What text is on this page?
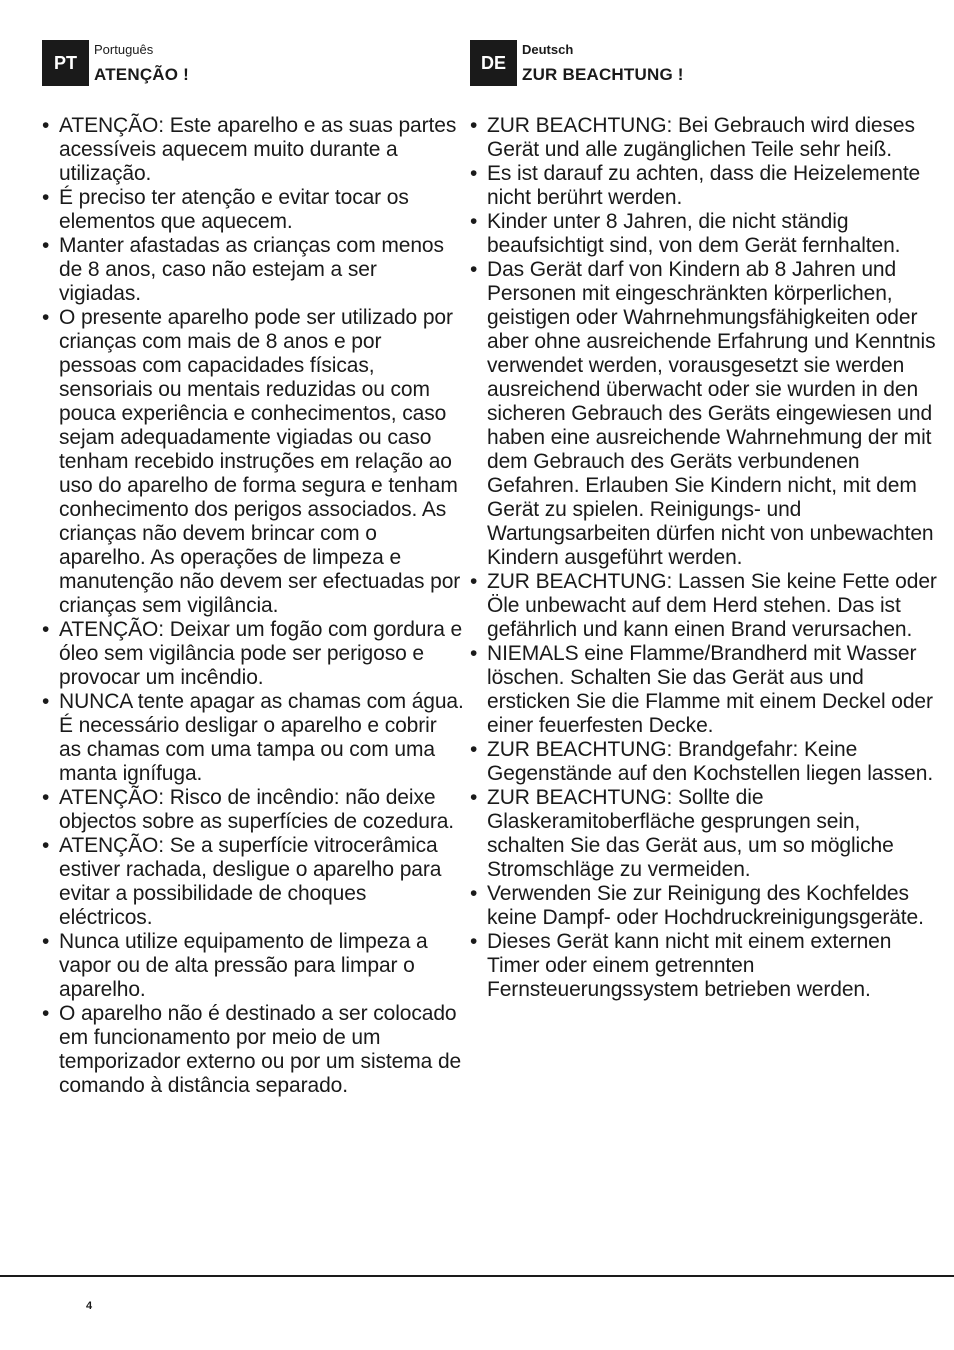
PT
Português
ATENÇÃO !
• ATENÇÃO: Este aparelho e as suas partes acessíveis aquecem muito durante a utilização.
• É preciso ter atenção e evitar tocar os elementos que aquecem.
• Manter afastadas as crianças com menos de 8 anos, caso não estejam a ser vigiadas.
• O presente aparelho pode ser utilizado por crianças com mais de 8 anos e por pessoas com capacidades físicas, sensoriais ou mentais reduzidas ou com pouca experiência e conhecimentos, caso sejam adequadamente vigiadas ou caso tenham recebido instruções em relação ao uso do aparelho de forma segura e tenham conhecimento dos perigos associados. As crianças não devem brincar com o aparelho. As operações de limpeza e manutenção não devem ser efectuadas por crianças sem vigilância.
• ATENÇÃO: Deixar um fogão com gordura e óleo sem vigilância pode ser perigoso e provocar um incêndio.
• NUNCA tente apagar as chamas com água. É necessário desligar o aparelho e cobrir as chamas com uma tampa ou com uma manta ignífuga.
• ATENÇÃO: Risco de incêndio: não deixe objectos sobre as superfícies de cozedura.
• ATENÇÃO: Se a superfície vitrocerâmica estiver rachada, desligue o aparelho para evitar a possibilidade de choques eléctricos.
• Nunca utilize equipamento de limpeza a vapor ou de alta pressão para limpar o aparelho.
• O aparelho não é destinado a ser colocado em funcionamento por meio de um temporizador externo ou por um sistema de comando à distância separado.
DE
Deutsch
ZUR BEACHTUNG !
• ZUR BEACHTUNG: Bei Gebrauch wird dieses Gerät und alle zugänglichen Teile sehr heiß.
• Es ist darauf zu achten, dass die Heizelemente nicht berührt werden.
• Kinder unter 8 Jahren, die nicht ständig beaufsichtigt sind, von dem Gerät fernhalten.
• Das Gerät darf von Kindern ab 8 Jahren und Personen mit eingeschränkten körperlichen, geistigen oder Wahrnehmungsfähigkeiten oder aber ohne ausreichende Erfahrung und Kenntnis verwendet werden, vorausgesetzt sie werden ausreichend überwacht oder sie wurden in den sicheren Gebrauch des Geräts eingewiesen und haben eine ausreichende Wahrnehmung der mit dem Gebrauch des Geräts verbundenen Gefahren. Erlauben Sie Kindern nicht, mit dem Gerät zu spielen. Reinigungs- und Wartungsarbeiten dürfen nicht von unbewachten Kindern ausgeführt werden.
• ZUR BEACHTUNG: Lassen Sie keine Fette oder Öle unbewacht auf dem Herd stehen. Das ist gefährlich und kann einen Brand verursachen.
• NIEMALS eine Flamme/Brandherd mit Wasser löschen. Schalten Sie das Gerät aus und ersticken Sie die Flamme mit einem Deckel oder einer feuerfesten Decke.
• ZUR BEACHTUNG: Brandgefahr: Keine Gegenstände auf den Kochstellen liegen lassen.
• ZUR BEACHTUNG: Sollte die Glaskeramitoberfläche gesprungen sein, schalten Sie das Gerät aus, um so mögliche Stromschläge zu vermeiden.
• Verwenden Sie zur Reinigung des Kochfeldes keine Dampf- oder Hochdruckreinigungsgeräte.
• Dieses Gerät kann nicht mit einem externen Timer oder einem getrennten Fernsteuerungssystem betrieben werden.
4
